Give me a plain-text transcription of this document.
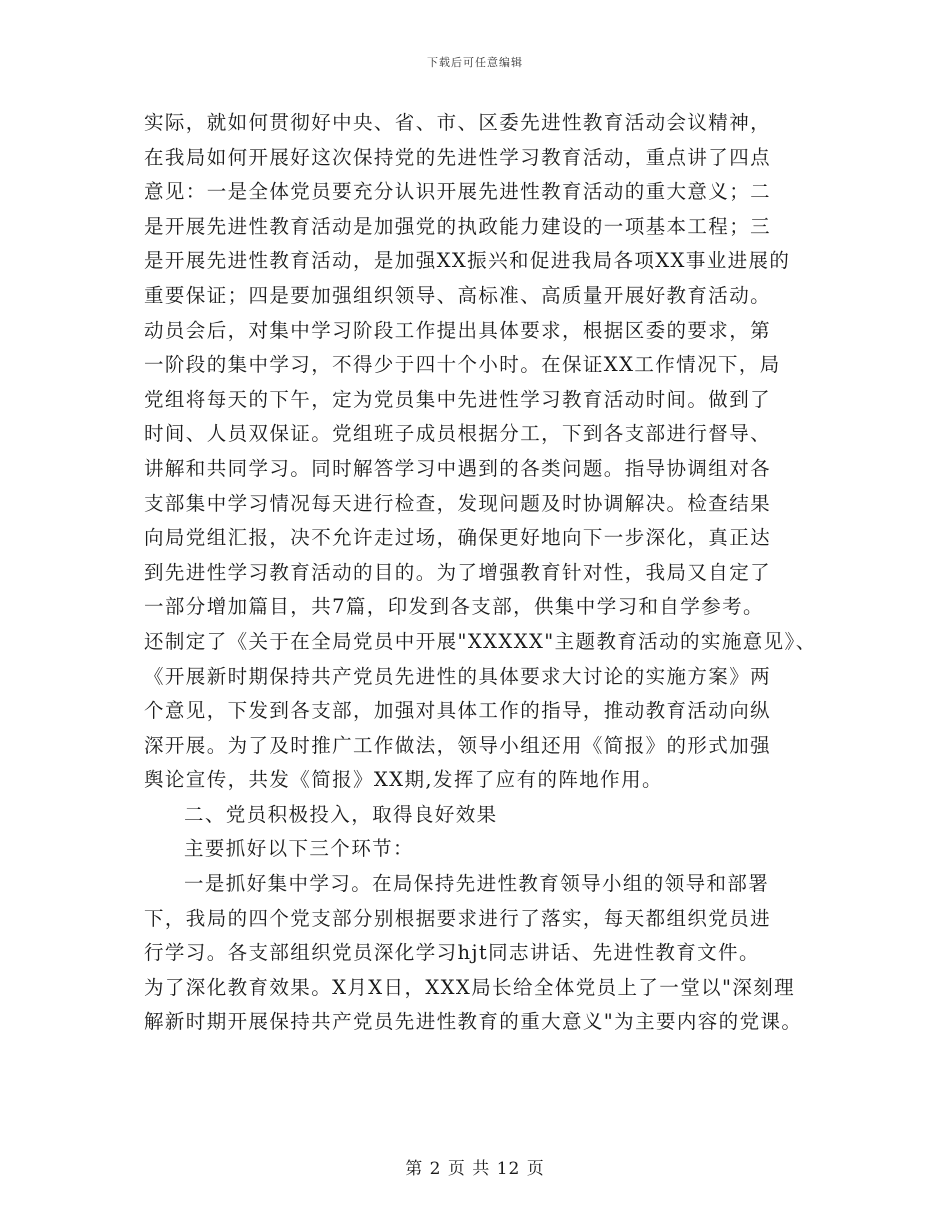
下载后可任意编辑
实际，就如何贯彻好中央、省、市、区委先进性教育活动会议精神，
在我局如何开展好这次保持党的先进性学习教育活动，重点讲了四点
意见：一是全体党员要充分认识开展先进性教育活动的重大意义；二
是开展先进性教育活动是加强党的执政能力建设的一项基本工程；三
是开展先进性教育活动，是加强XX振兴和促进我局各项XX事业进展的
重要保证；四是要加强组织领导、高标准、高质量开展好教育活动。
动员会后，对集中学习阶段工作提出具体要求，根据区委的要求，第
一阶段的集中学习，不得少于四十个小时。在保证XX工作情况下，局
党组将每天的下午，定为党员集中先进性学习教育活动时间。做到了
时间、人员双保证。党组班子成员根据分工，下到各支部进行督导、
讲解和共同学习。同时解答学习中遇到的各类问题。指导协调组对各
支部集中学习情况每天进行检查，发现问题及时协调解决。检查结果
向局党组汇报，决不允许走过场，确保更好地向下一步深化，真正达
到先进性学习教育活动的目的。为了增强教育针对性，我局又自定了
一部分增加篇目，共7篇，印发到各支部，供集中学习和自学参考。
还制定了《关于在全局党员中开展"XXXXX"主题教育活动的实施意见》、
《开展新时期保持共产党员先进性的具体要求大讨论的实施方案》两
个意见，下发到各支部，加强对具体工作的指导，推动教育活动向纵
深开展。为了及时推广工作做法，领导小组还用《简报》的形式加强
舆论宣传，共发《简报》XX期,发挥了应有的阵地作用。
二、党员积极投入，取得良好效果
主要抓好以下三个环节：
一是抓好集中学习。在局保持先进性教育领导小组的领导和部署
下，我局的四个党支部分别根据要求进行了落实，每天都组织党员进
行学习。各支部组织党员深化学习hjt同志讲话、先进性教育文件。
为了深化教育效果。X月X日，XXX局长给全体党员上了一堂以"深刻理
解新时期开展保持共产党员先进性教育的重大意义"为主要内容的党课。
第 2 页 共 12 页
